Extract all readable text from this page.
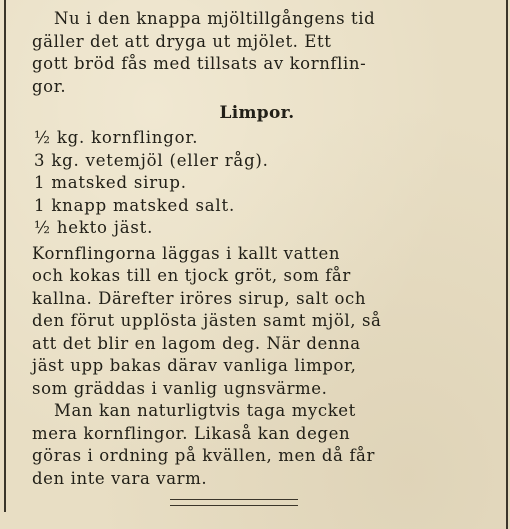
Nu i den knappa mjöltillgångens tid
gäller det att dryga ut mjölet. Ett
gott bröd fås med tillsats av kornflin-
gor.
Limpor.
½ kg. kornflingor.
3 kg. vetemjöl (eller råg).
1 matsked sirup.
1 knapp matsked salt.
½ hekto jäst.
Kornflingorna läggas i kallt vatten
och kokas till en tjock gröt, som får
kallna. Därefter iröres sirup, salt och
den förut upplösta jästen samt mjöl, så
att det blir en lagom deg. När denna
jäst upp bakas därav vanliga limpor,
som gräddas i vanlig ugnsvärme.
Man kan naturligtvis taga mycket
mera kornflingor. Likaså kan degen
göras i ordning på kvällen, men då får
den inte vara varm.
